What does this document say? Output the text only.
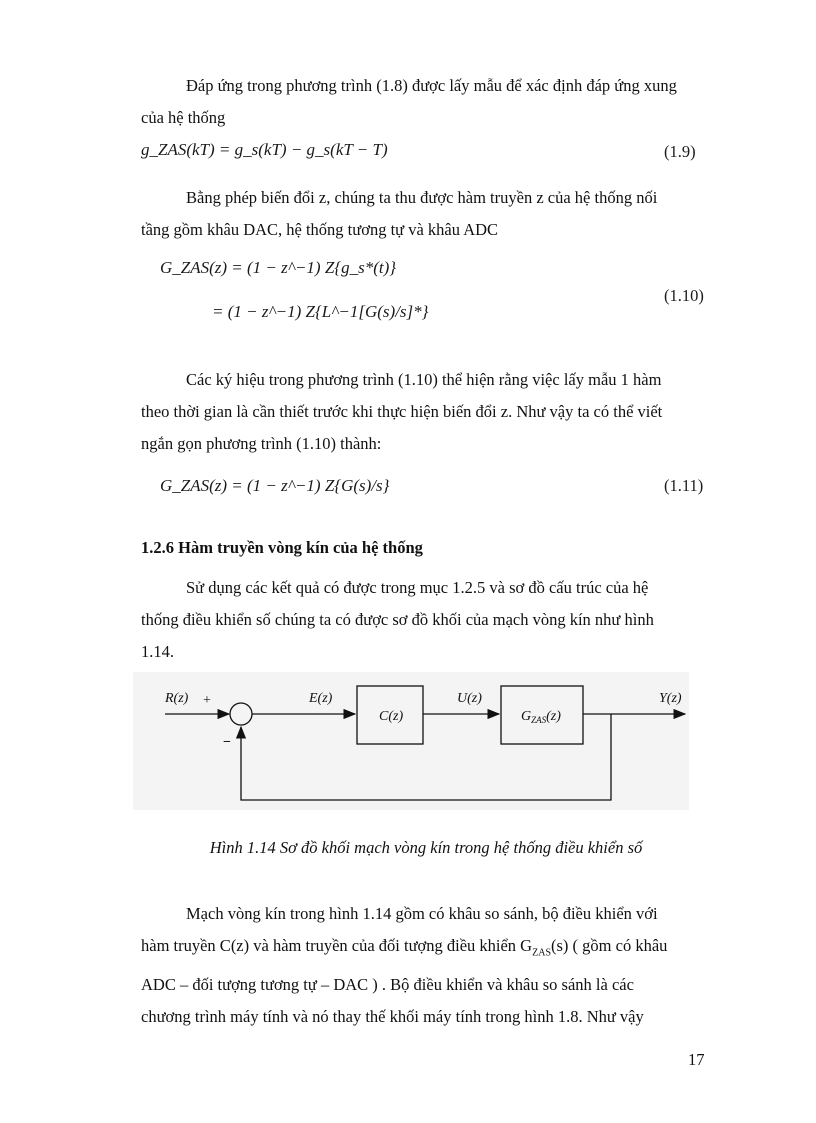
Đáp ứng trong phương trình (1.8) được lấy mẫu để xác định đáp ứng xung
của hệ thống

g_ZAS(kT) = g_s(kT) − g_s(kT − T)	(1.9)

Bằng phép biến đổi z, chúng ta thu được hàm truyền z của hệ thống nối
tầng gồm khâu DAC, hệ thống tương tự và khâu ADC

G_ZAS(z) = (1 − z^−1) Z{g_s*(t)}
= (1 − z^−1) Z{L^−1[G(s)/s]*}
(1.10)

Các ký hiệu trong phương trình (1.10) thể hiện rằng việc lấy mẫu 1 hàm
theo thời gian là cần thiết trước khi thực hiện biến đổi z. Như vậy ta có thể viết
ngắn gọn phương trình (1.10) thành:

G_ZAS(z) = (1 − z^−1) Z{G(s)/s}	(1.11)
1.2.6 Hàm truyền vòng kín của hệ thống

Sử dụng các kết quả có được trong mục 1.2.5 và sơ đồ cấu trúc của hệ
thống điều khiển số chúng ta có được sơ đồ khối của mạch vòng kín như hình
1.14.

R(z) +
−
E(z)
C(z)
U(z)
$G_{ZAS}(z)$
Y(z)
Hình 1.14 Sơ đồ khối mạch vòng kín trong hệ thống điều khiển số

Mạch vòng kín trong hình 1.14 gồm có khâu so sánh, bộ điều khiển với
hàm truyền C(z) và hàm truyền của đối tượng điều khiển $G_{ZAS}(s)$ ( gồm có khâu
ADC – đối tượng tương tự – DAC ) . Bộ điều khiển và khâu so sánh là các
chương trình máy tính và nó thay thế khối máy tính trong hình 1.8. Như vậy

17
